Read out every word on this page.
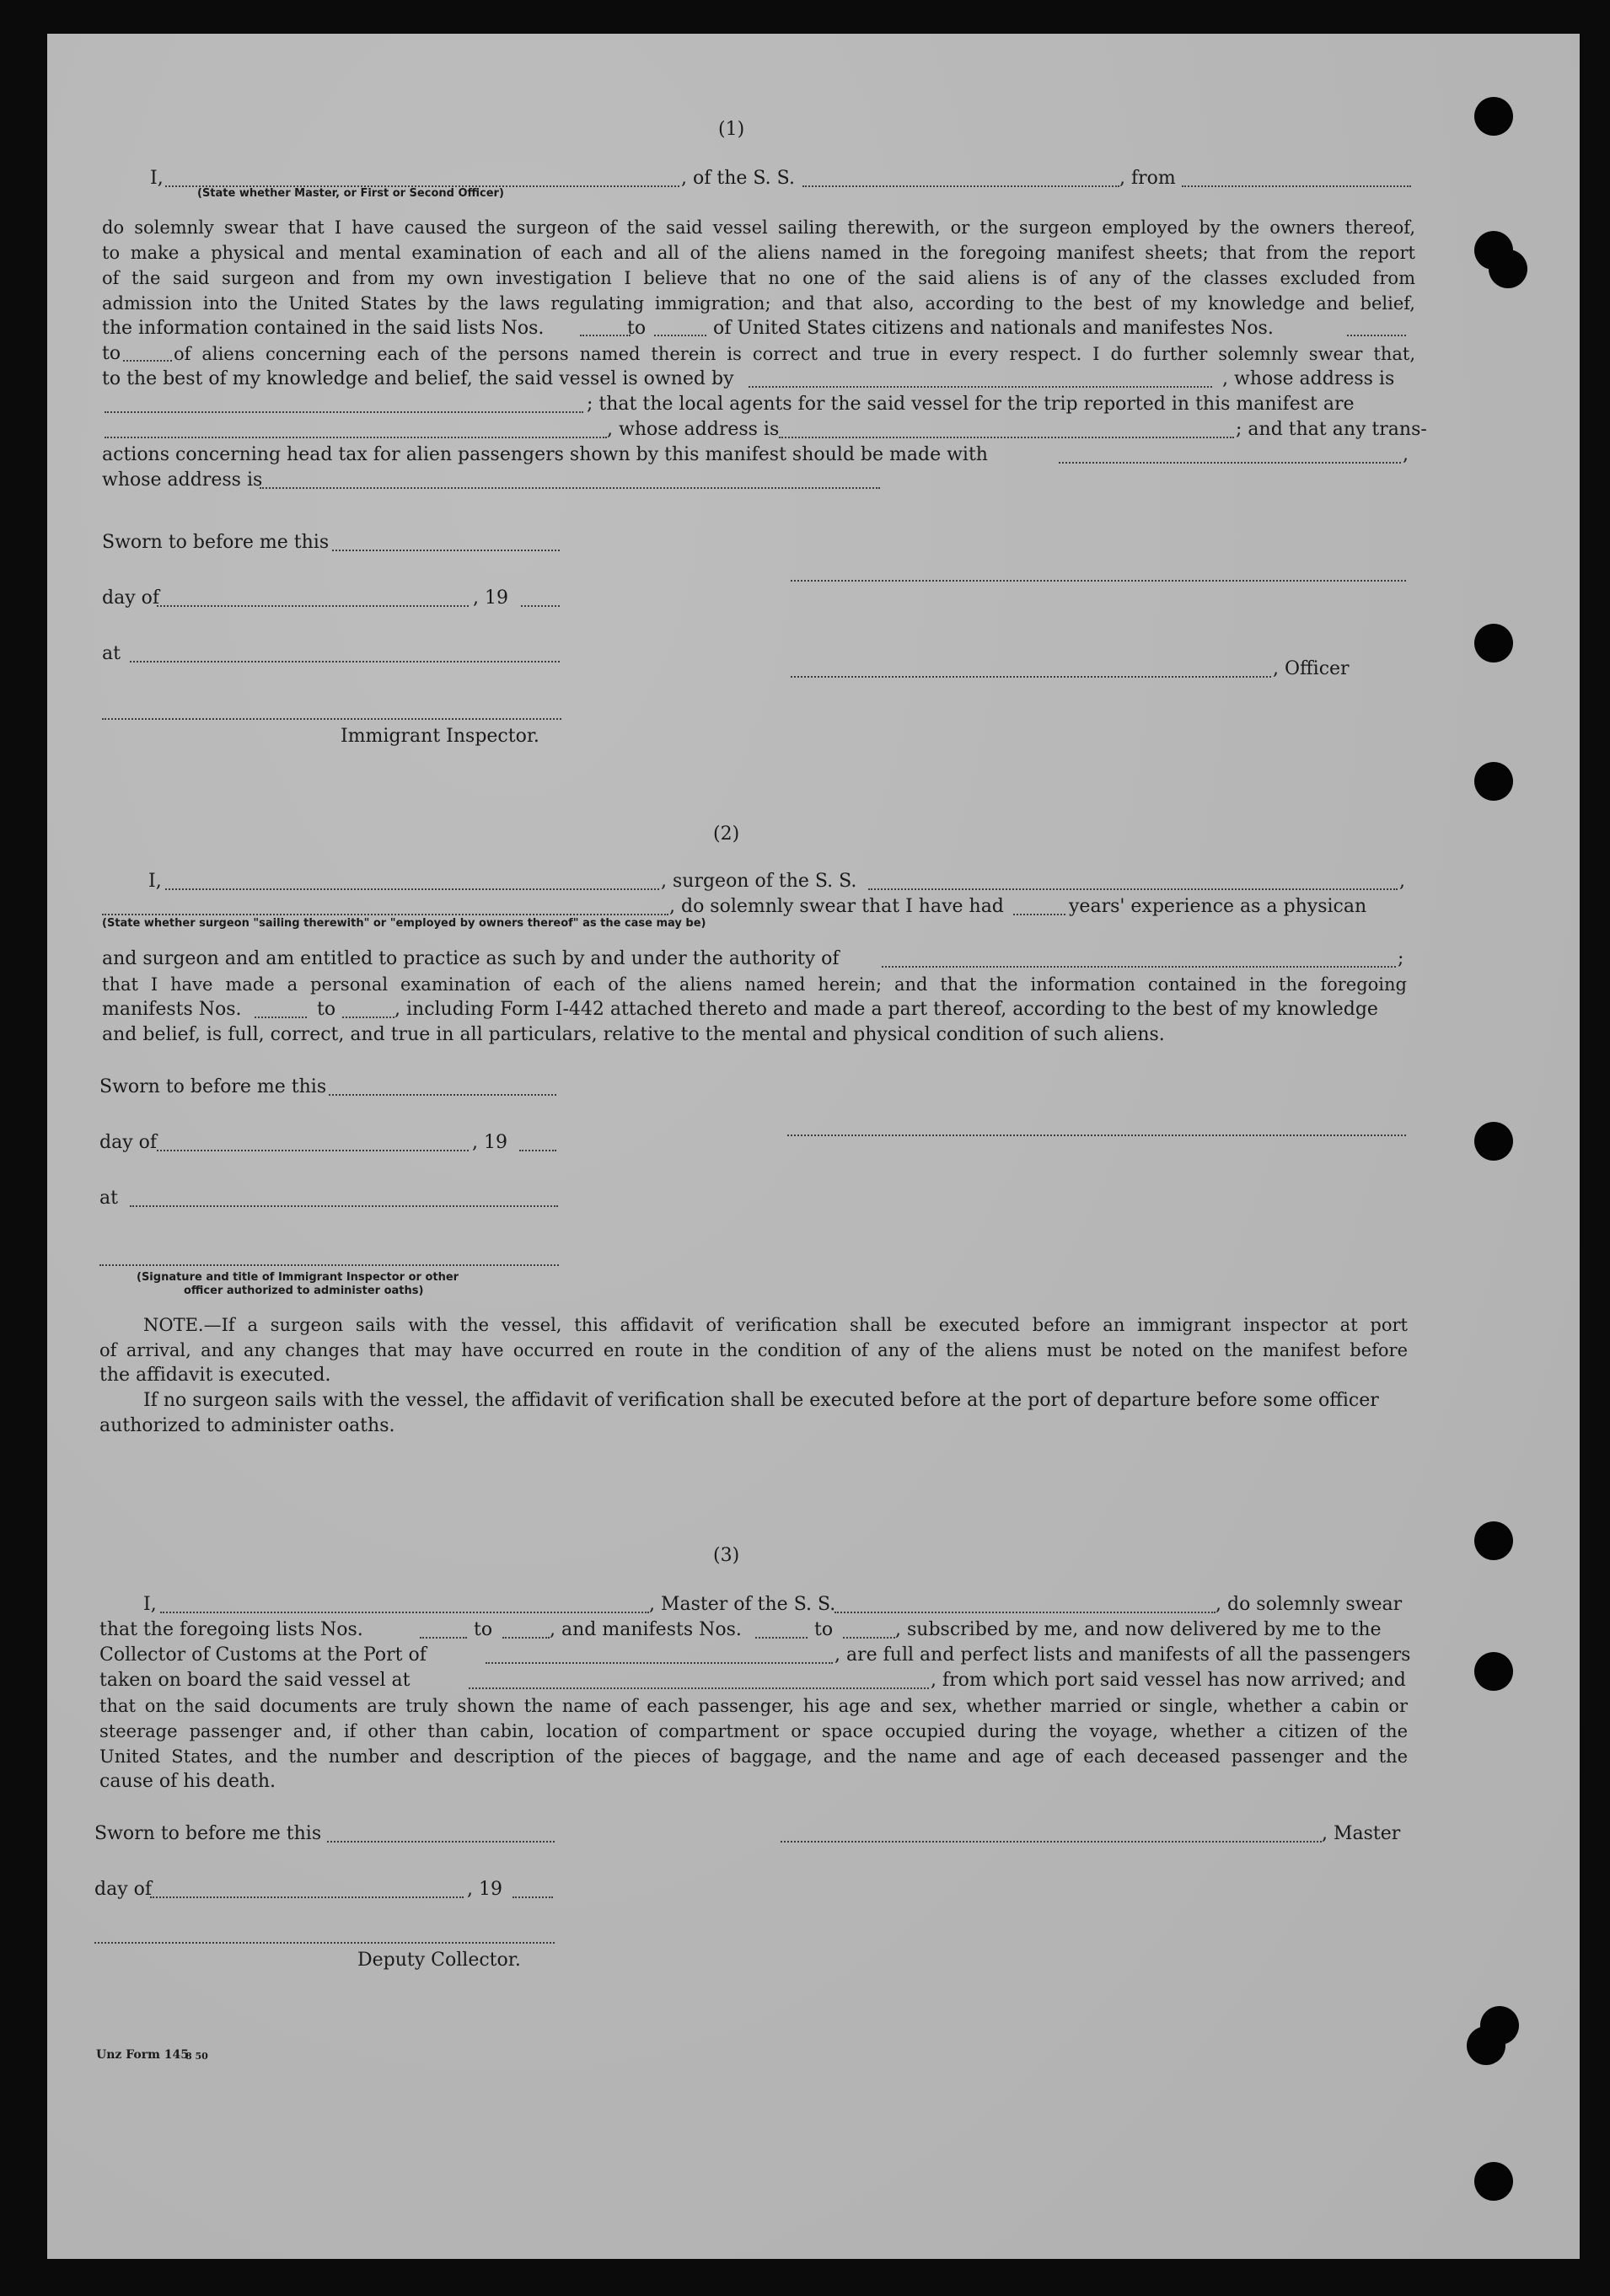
(1)
I,
(State whether Master, or First or Second Officer)
, of the S. S.	, from
do solemnly swear that I have caused the surgeon of the said vessel sailing therewith, or the surgeon employed by the owners thereof,
to make a physical and mental examination of each and all of the aliens named in the foregoing manifest sheets; that from the report
of the said surgeon and from my own investigation I believe that no one of the said aliens is of any of the classes excluded from
admission into the United States by the laws regulating immigration; and that also, according to the best of my knowledge and belief,
the information contained in the said lists Nos.	to	of United States citizens and nationals and manifestes Nos.
to	of aliens concerning each of the persons named therein is correct and true in every respect. I do further solemnly swear that,
to the best of my knowledge and belief, the said vessel is owned by	, whose address is
; that the local agents for the said vessel for the trip reported in this manifest are
, whose address is	; and that any trans-
actions concerning head tax for alien passengers shown by this manifest should be made with	,
whose address is
Sworn to before me this
day of	, 19
at
, Officer
Immigrant Inspector.
(2)
I,	, surgeon of the S. S.	,
, do solemnly swear that I have had	years' experience as a physican
(State whether surgeon "sailing therewith" or "employed by owners thereof" as the case may be)
and surgeon and am entitled to practice as such by and under the authority of	;
that I have made a personal examination of each of the aliens named herein; and that the information contained in the foregoing
manifests Nos.	to	, including Form I-442 attached thereto and made a part thereof, according to the best of my knowledge
and belief, is full, correct, and true in all particulars, relative to the mental and physical condition of such aliens.
Sworn to before me this
day of	, 19
at
(Signature and title of Immigrant Inspector or other
officer authorized to administer oaths)
NOTE.—If a surgeon sails with the vessel, this affidavit of verification shall be executed before an immigrant inspector at port
of arrival, and any changes that may have occurred en route in the condition of any of the aliens must be noted on the manifest before
the affidavit is executed.
If no surgeon sails with the vessel, the affidavit of verification shall be executed before at the port of departure before some officer
authorized to administer oaths.
(3)
I,	, Master of the S. S.	, do solemnly swear
that the foregoing lists Nos.	to	, and manifests Nos.	to	, subscribed by me, and now delivered by me to the
Collector of Customs at the Port of	, are full and perfect lists and manifests of all the passengers
taken on board the said vessel at	, from which port said vessel has now arrived; and
that on the said documents are truly shown the name of each passenger, his age and sex, whether married or single, whether a cabin or
steerage passenger and, if other than cabin, location of compartment or space occupied during the voyage, whether a citizen of the
United States, and the number and description of the pieces of baggage, and the name and age of each deceased passenger and the
cause of his death.
Sworn to before me this	, Master
day of	, 19
Deputy Collector.
Unz Form 145
8 50
